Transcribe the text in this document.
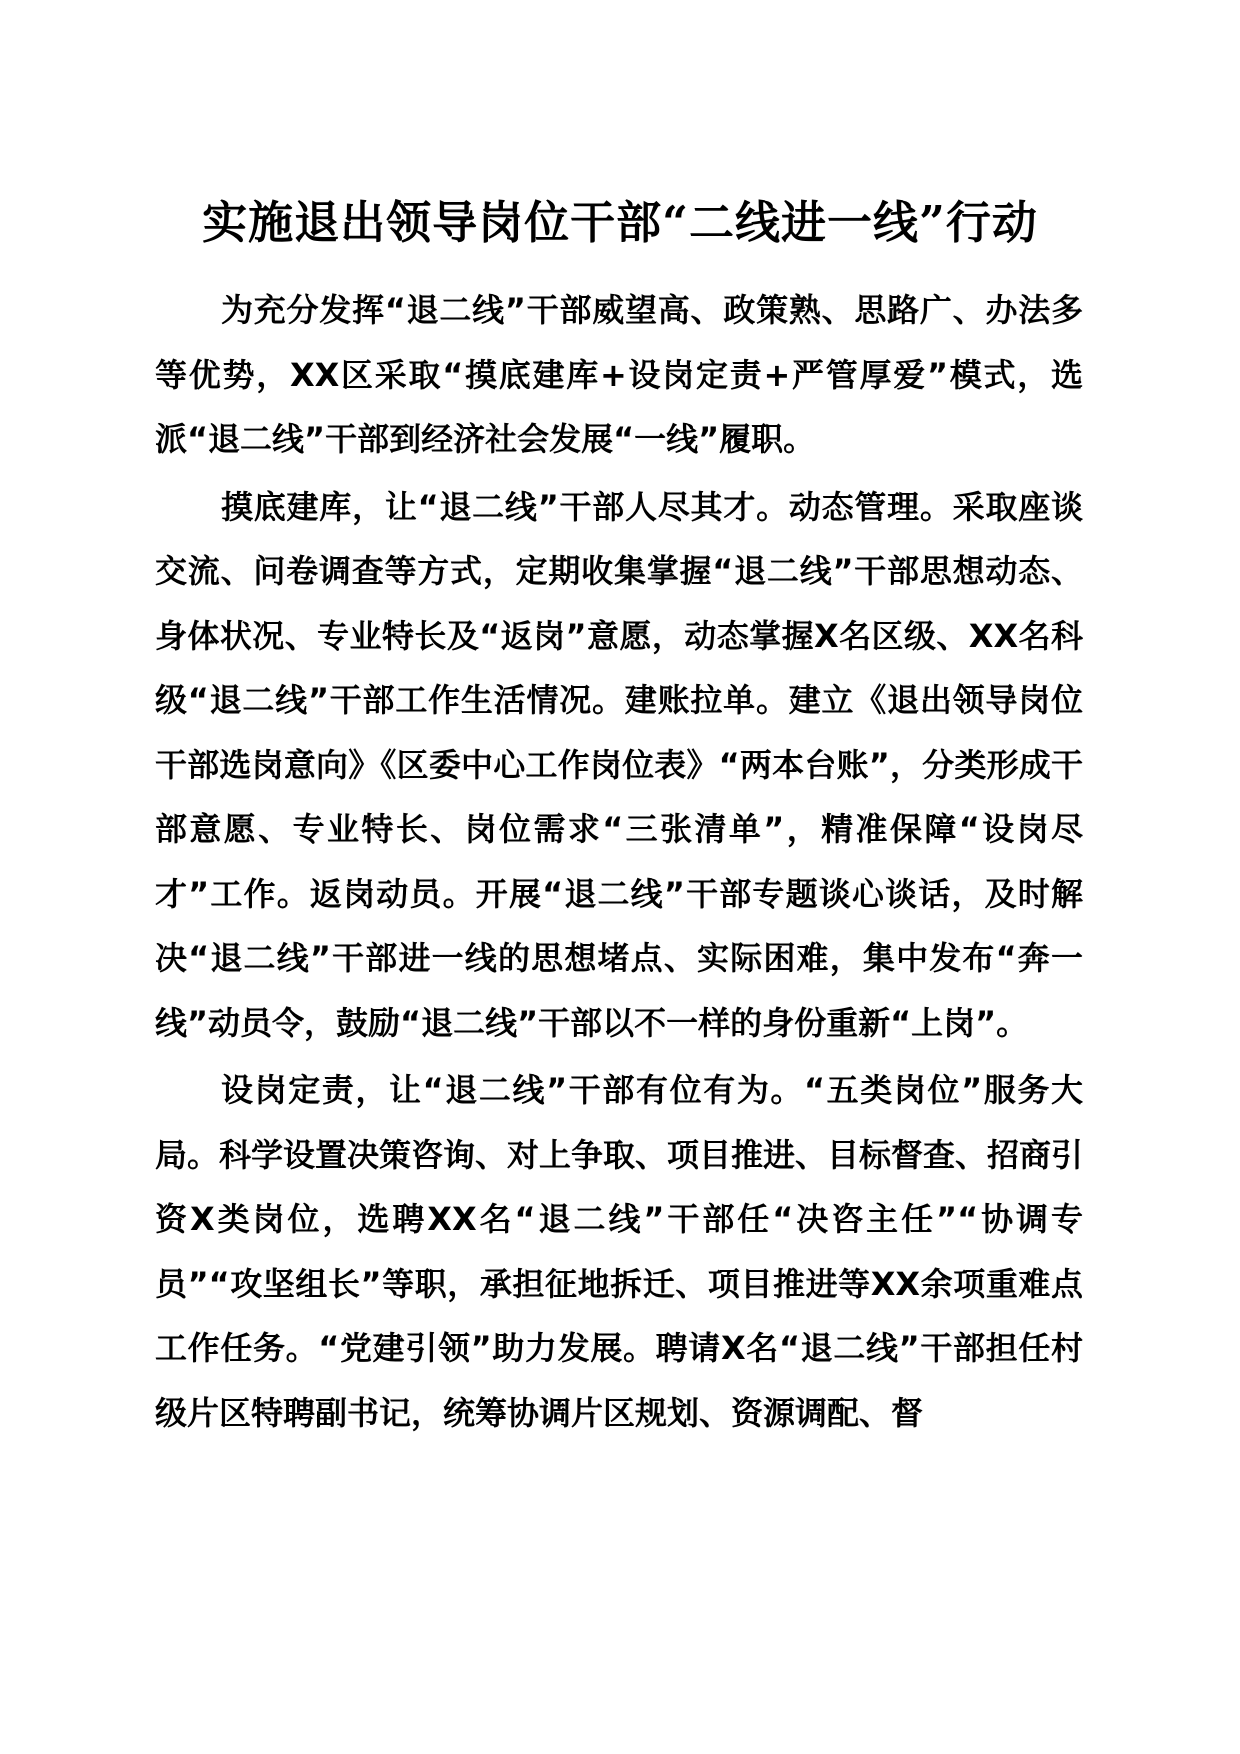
实施退出领导岗位干部“二线进一线”行动

为充分发挥“退二线”干部威望高、政策熟、思路广、办法多等优势，XX区采取“摸底建库+设岗定责+严管厚爱”模式，选派“退二线”干部到经济社会发展“一线”履职。

摸底建库，让“退二线”干部人尽其才。动态管理。采取座谈交流、问卷调查等方式，定期收集掌握“退二线”干部思想动态、身体状况、专业特长及“返岗”意愿，动态掌握X名区级、XX名科级“退二线”干部工作生活情况。建账拉单。建立《退出领导岗位干部选岗意向》《区委中心工作岗位表》“两本台账”，分类形成干部意愿、专业特长、岗位需求“三张清单”，精准保障“设岗尽才”工作。返岗动员。开展“退二线”干部专题谈心谈话，及时解决“退二线”干部进一线的思想堵点、实际困难，集中发布“奔一线”动员令，鼓励“退二线”干部以不一样的身份重新“上岗”。

设岗定责，让“退二线”干部有位有为。“五类岗位”服务大局。科学设置决策咨询、对上争取、项目推进、目标督查、招商引资X类岗位，选聘XX名“退二线”干部任“决咨主任”“协调专员”“攻坚组长”等职，承担征地拆迁、项目推进等XX余项重难点工作任务。“党建引领”助力发展。聘请X名“退二线”干部担任村级片区特聘副书记，统筹协调片区规划、资源调配、督
